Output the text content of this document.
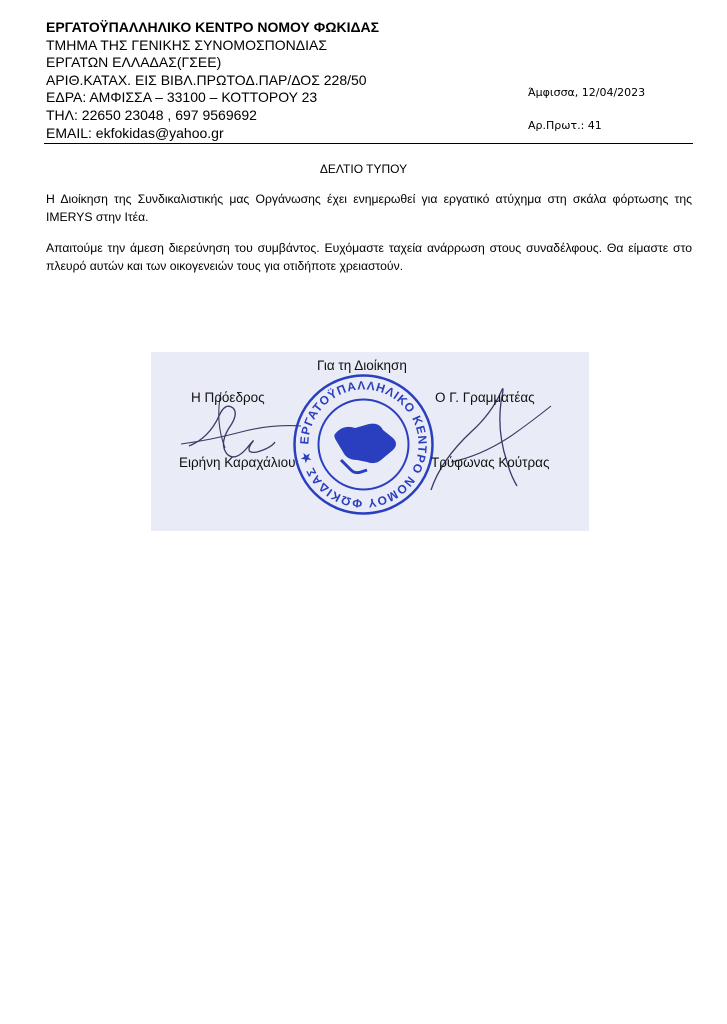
ΕΡΓΑΤΟΫΠΑΛΛΗΛΙΚΟ ΚΕΝΤΡΟ ΝΟΜΟΥ ΦΩΚΙΔΑΣ
ΤΜΗΜΑ ΤΗΣ ΓΕΝΙΚΗΣ ΣΥΝΟΜΟΣΠΟΝΔΙΑΣ
ΕΡΓΑΤΩΝ ΕΛΛΑΔΑΣ(ΓΣΕΕ)
ΑΡΙΘ.ΚΑΤΑΧ. ΕΙΣ ΒΙΒΛ.ΠΡΩΤΟΔ.ΠΑΡ/ΔΟΣ 228/50
ΕΔΡΑ: ΑΜΦΙΣΣΑ – 33100 – ΚΟΤΤΟΡΟΥ 23
ΤΗΛ: 22650 23048 , 697 9569692
EMAIL: ekfokidas@yahoo.gr
Άμφισσα, 12/04/2023
Αρ.Πρωτ.: 41
ΔΕΛΤΙΟ ΤΥΠΟΥ
Η Διοίκηση της Συνδικαλιστικής μας Οργάνωσης έχει ενημερωθεί για εργατικό ατύχημα στη σκάλα φόρτωσης της IMERYS στην Ιτέα.
Απαιτούμε την άμεση διερεύνηση του συμβάντος. Ευχόμαστε ταχεία ανάρρωση στους συναδέλφους. Θα είμαστε στο πλευρό αυτών και των οικογενειών τους για οτιδήποτε χρειαστούν.
ΕΡΓΑΤΟΫΠΑΛΛΗΛΙΚΟ ΚΕΝΤΡΟ ΝΟΜΟΥ ΦΩΚΙΔΑΣ ★
Για τη Διοίκηση
Η Πρόεδρος
Ειρήνη Καραχάλιου
Ο Γ. Γραμματέας
Τρύφωνας Κούτρας
